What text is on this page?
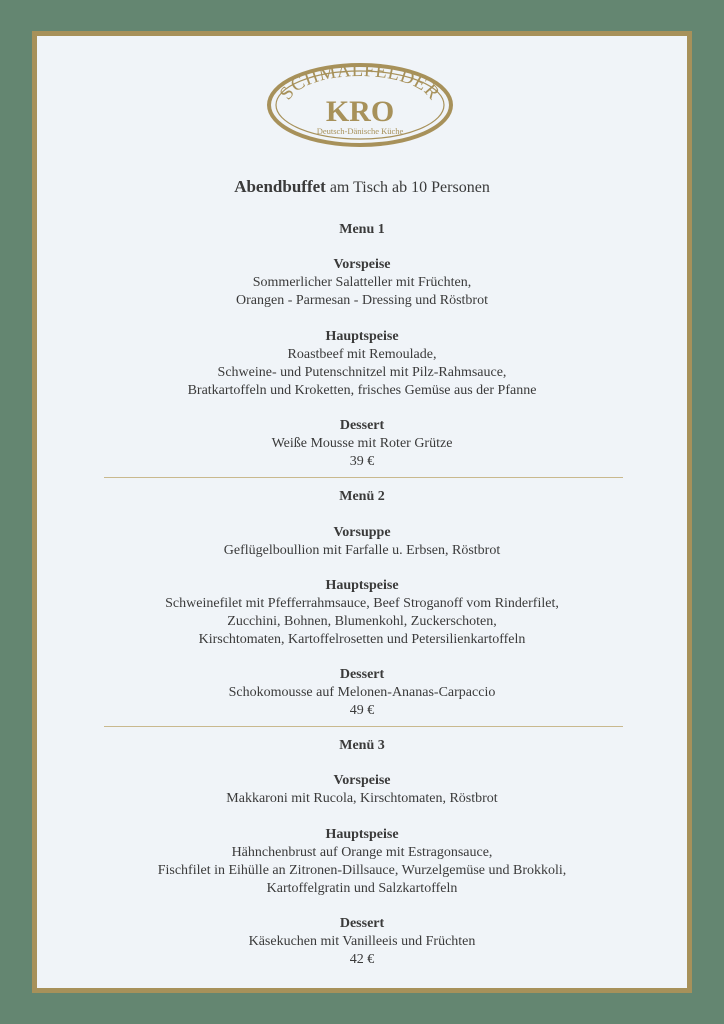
SCHMALFELDER
KRO
Deutsch-Dänische Küche
Abendbuffet am Tisch ab 10 Personen
Menu 1
Vorspeise
Sommerlicher Salatteller mit Früchten,
Orangen - Parmesan - Dressing und Röstbrot
Hauptspeise
Roastbeef mit Remoulade,
Schweine- und Putenschnitzel mit Pilz-Rahmsauce,
Bratkartoffeln und Kroketten, frisches Gemüse aus der Pfanne
Dessert
Weiße Mousse mit Roter Grütze
39 €
Menü 2
Vorsuppe
Geflügelboullion mit Farfalle u. Erbsen, Röstbrot
Hauptspeise
Schweinefilet mit Pfefferrahmsauce, Beef Stroganoff vom Rinderfilet,
Zucchini, Bohnen, Blumenkohl, Zuckerschoten,
Kirschtomaten, Kartoffelrosetten und Petersilienkartoffeln
Dessert
Schokomousse auf Melonen-Ananas-Carpaccio
49 €
Menü 3
Vorspeise
Makkaroni mit Rucola, Kirschtomaten, Röstbrot
Hauptspeise
Hähnchenbrust auf Orange mit Estragonsauce,
Fischfilet in Eihülle an Zitronen-Dillsauce, Wurzelgemüse und Brokkoli,
Kartoffelgratin und Salzkartoffeln
Dessert
Käsekuchen mit Vanilleeis und Früchten
42 €
